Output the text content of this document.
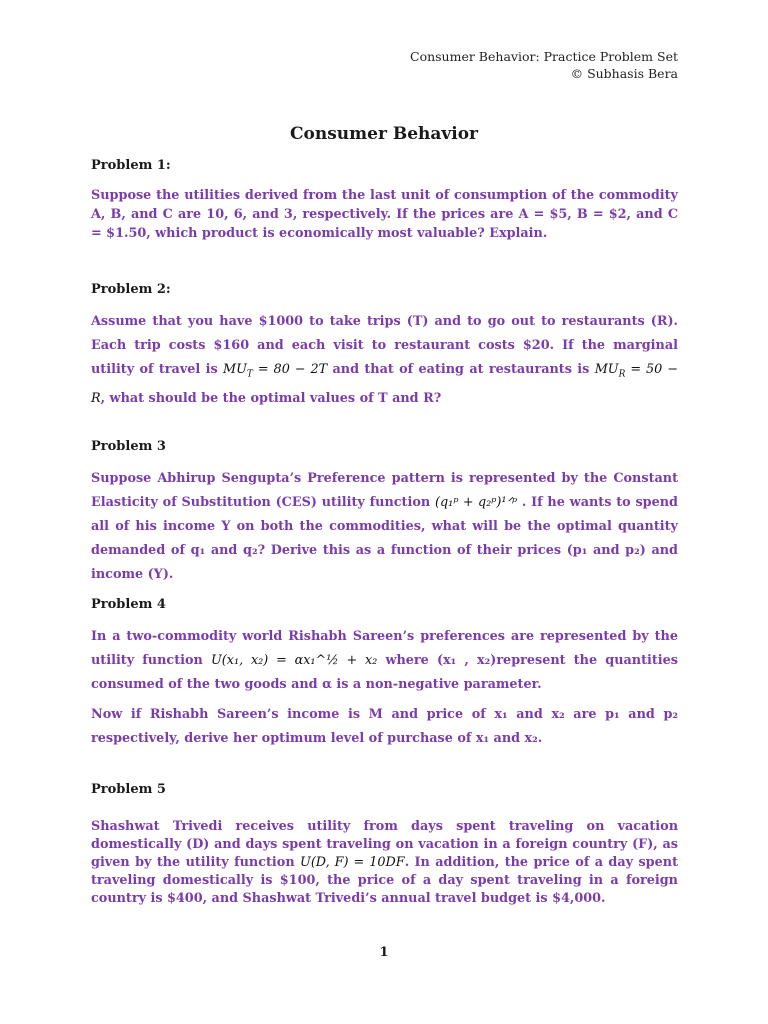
Consumer Behavior: Practice Problem Set
© Subhasis Bera
Consumer Behavior
Problem 1:

Suppose the utilities derived from the last unit of consumption of the commodity A, B, and C are 10, 6, and 3, respectively. If the prices are A = $5, B = $2, and C = $1.50, which product is economically most valuable? Explain.

Problem 2:

Assume that you have $1000 to take trips (T) and to go out to restaurants (R). Each trip costs $160 and each visit to restaurant costs $20. If the marginal utility of travel is $MU_T = 80 - 2T$ and that of eating at restaurants is $MU_R = 50 - R$, what should be the optimal values of T and R?

Problem 3

Suppose Abhirup Sengupta’s Preference pattern is represented by the Constant Elasticity of Substitution (CES) utility function (q₁ᵖ + q₂ᵖ)¹ᐟᵖ . If he wants to spend all of his income Y on both the commodities, what will be the optimal quantity demanded of q₁ and q₂? Derive this as a function of their prices (p₁ and p₂) and income (Y).

Problem 4

In a two-commodity world Rishabh Sareen’s preferences are represented by the utility function U(x₁, x₂) = αx₁^½ + x₂ where (x₁ , x₂)represent the quantities consumed of the two goods and α is a non-negative parameter.

Now if Rishabh Sareen’s income is M and price of x₁ and x₂ are p₁ and p₂ respectively, derive her optimum level of purchase of x₁ and x₂.

Problem 5

Shashwat Trivedi receives utility from days spent traveling on vacation domestically (D) and days spent traveling on vacation in a foreign country (F), as given by the utility function U(D, F) = 10DF. In addition, the price of a day spent traveling domestically is $100, the price of a day spent traveling in a foreign country is $400, and Shashwat Trivedi’s annual travel budget is $4,000.

1
